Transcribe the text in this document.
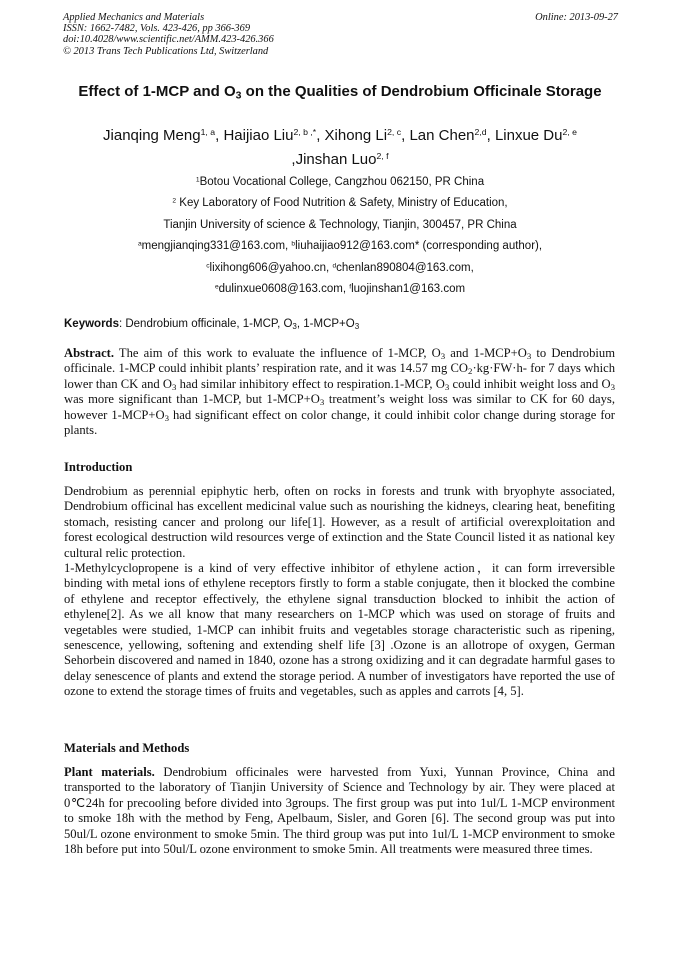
Applied Mechanics and Materials
ISSN: 1662-7482, Vols. 423-426, pp 366-369
doi:10.4028/www.scientific.net/AMM.423-426.366
© 2013 Trans Tech Publications Ltd, Switzerland
Online: 2013-09-27
Effect of 1-MCP and $O_3$ on the Qualities of Dendrobium Officinale Storage
Jianqing Meng$^{1, a}$, Haijiao Liu$^{2, b ,*}$, Xihong Li$^{2, c}$, Lan Chen$^{2,d}$, Linxue Du$^{2, e}$
,Jinshan Luo$^{2, f}$
$^1$Botou Vocational College, Cangzhou 062150, PR China
$^2$ Key Laboratory of Food Nutrition & Safety, Ministry of Education,
Tianjin University of science & Technology, Tianjin, 300457, PR China
$^a$mengjianqing331@163.com, $^b$liuhaijiao912@163.com* (corresponding author),
$^c$lixihong606@yahoo.cn, $^d$chenlan890804@163.com,
$^e$dulinxue0608@163.com, $^f$luojinshan1@163.com
Keywords: Dendrobium officinale, 1-MCP, $O_3$, $1-MCP+O_3$
Abstract. The aim of this work to evaluate the influence of 1-MCP, $O_3$ and $1-MCP+O_3$ to Dendrobium officinale. 1-MCP could inhibit plants’ respiration rate, and it was 14.57 mg $CO_2\cdot kg\cdot FW\cdot h-$ for 7 days which lower than CK and $O_3$ had similar inhibitory effect to respiration.1-MCP, $O_3$ could inhibit weight loss and $O_3$ was more significant than 1-MCP, but $1-MCP+O_3$ treatment’s weight loss was similar to CK for 60 days, however $1-MCP+O_3$ had significant effect on color change, it could inhibit color change during storage for plants.
Introduction

Dendrobium as perennial epiphytic herb, often on rocks in forests and trunk with bryophyte associated, Dendrobium officinal has excellent medicinal value such as nourishing the kidneys, clearing heat, benefiting stomach, resisting cancer and prolong our life[1]. However, as a result of artificial overexploitation and forest ecological destruction wild resources verge of extinction and the State Council listed it as national key cultural relic protection.

1-Methylcyclopropene is a kind of very effective inhibitor of ethylene action，it can form irreversible binding with metal ions of ethylene receptors firstly to form a stable conjugate, then it blocked the combine of ethylene and receptor effectively, the ethylene signal transduction blocked to inhibit the action of ethylene[2]. As we all know that many researchers on 1-MCP which was used on storage of fruits and vegetables were studied, 1-MCP can inhibit fruits and vegetables storage characteristic such as ripening, senescence, yellowing, softening and extending shelf life [3] .Ozone is an allotrope of oxygen, German Sehorbein discovered and named in 1840, ozone has a strong oxidizing and it can degradate harmful gases to delay senescence of plants and extend the storage period. A number of investigators have reported the use of ozone to extend the storage times of fruits and vegetables, such as apples and carrots [4, 5].

Materials and Methods
Plant materials. Dendrobium officinales were harvested from Yuxi, Yunnan Province, China and transported to the laboratory of Tianjin University of Science and Technology by air. They were placed at 0℃24h for precooling before divided into 3groups. The first group was put into 1ul/L 1-MCP environment to smoke 18h with the method by Feng, Apelbaum, Sisler, and Goren [6]. The second group was put into 50ul/L ozone environment to smoke 5min. The third group was put into 1ul/L 1-MCP environment to smoke 18h before put into 50ul/L ozone environment to smoke 5min. All treatments were measured three times.
